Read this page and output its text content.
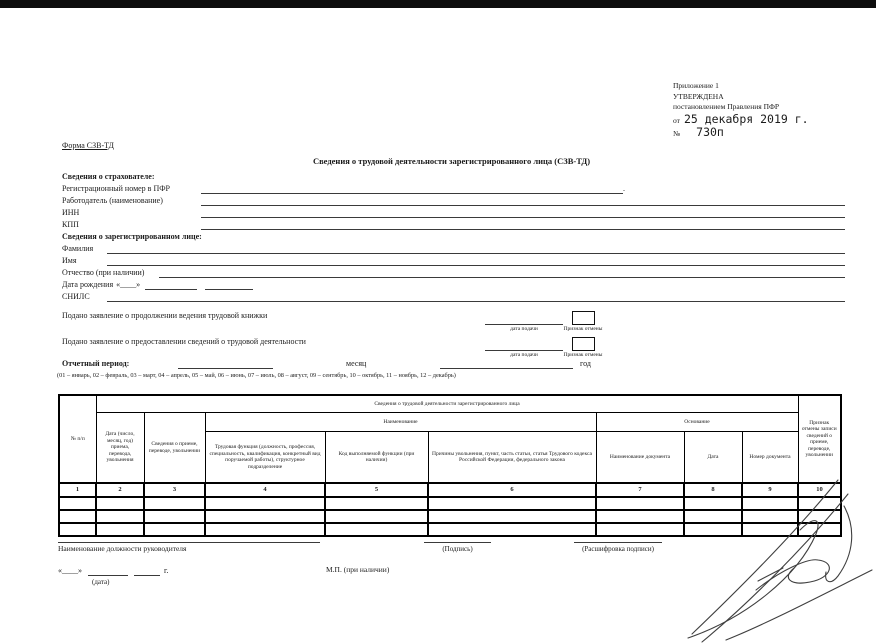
Приложение 1
УТВЕРЖДЕНА
постановлением Правления ПФР
от 25 декабря 2019 г.
№ 730п
Форма СЗВ-ТД
Сведения о трудовой деятельности зарегистрированного лица (СЗВ-ТД)
Сведения о страхователе:
Регистрационный номер в ПФР	.
Работодатель (наименование)
ИНН
КПП
Сведения о зарегистрированном лице:
Фамилия
Имя
Отчество (при наличии)
Дата рождения «____»
СНИЛС
Подано заявление о продолжении ведения трудовой книжки
дата подачи	Признак отмены
Подано заявление о предоставлении сведений о трудовой деятельности
дата подачи	Признак отмены
Отчетный период:	месяц	год
(01 – январь, 02 – февраль, 03 – март, 04 – апрель, 05 – май, 06 – июнь, 07 – июль, 08 – август, 09 – сентябрь, 10 – октябрь, 11 – ноябрь, 12 – декабрь)
№ п/п	Сведения о трудовой деятельности зарегистрированного лица								Признак отмены записи сведений о приеме, переводе, увольнении
	Дата (число, месяц, год) приема, перевода, увольнения	Сведения о приеме, переводе, увольнении	Наименование			Основание			
			Трудовая функция (должность, профессия, специальность, квалификация, конкретный вид поручаемой работы), структурное подразделение	Код выполняемой функции (при наличии)	Причины увольнения, пункт, часть статьи, статья Трудового кодекса Российской Федерации, федерального закона	Наименование документа	Дата	Номер документа	
1	2	3	4	5	6	7	8	9	10

Наименование должности руководителя	(Подпись)	(Расшифровка подписи)
«____»	г.
(дата)
М.П. (при наличии)
